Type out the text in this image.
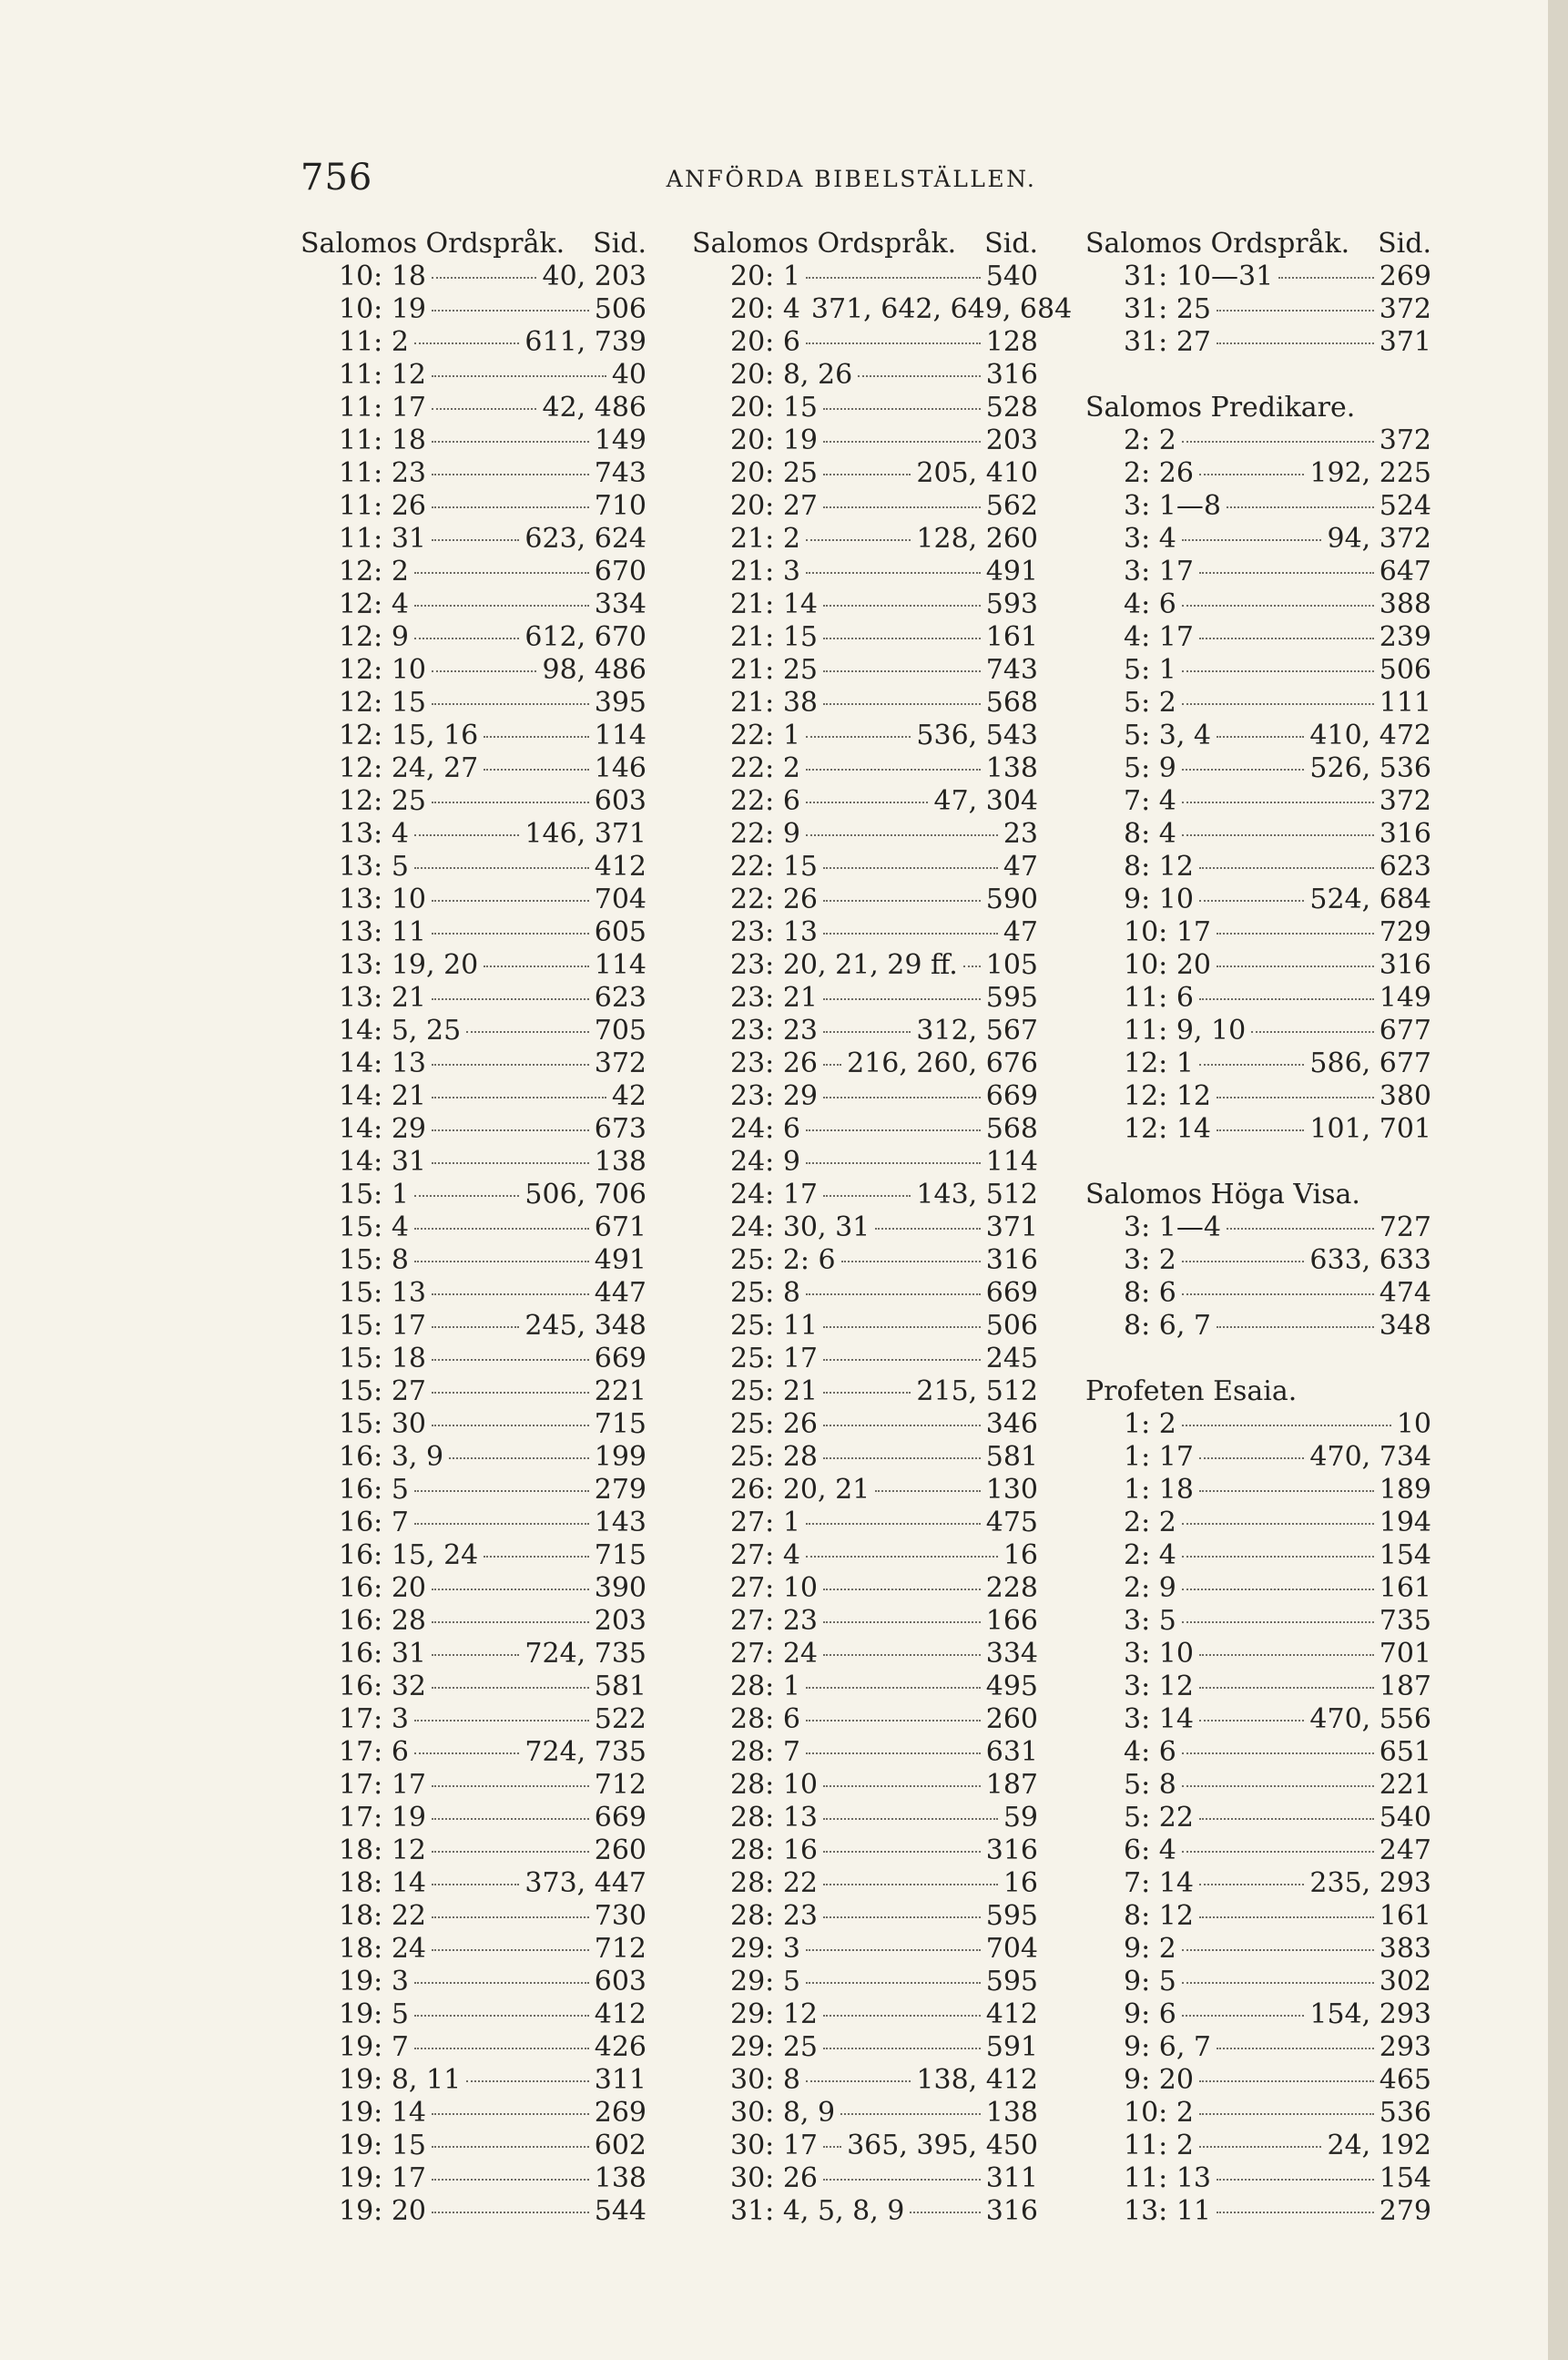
756	ANFÖRDA BIBELSTÄLLEN.
Salomos Ordspråk. Sid.
10: 18	40, 203
10: 19	506
11: 2	611, 739
11: 12	40
11: 17	42, 486
11: 18	149
11: 23	743
11: 26	710
11: 31	623, 624
12: 2	670
12: 4	334
12: 9	612, 670
12: 10	98, 486
12: 15	395
12: 15, 16	114
12: 24, 27	146
12: 25	603
13: 4	146, 371
13: 5	412
13: 10	704
13: 11	605
13: 19, 20	114
13: 21	623
14: 5, 25	705
14: 13	372
14: 21	42
14: 29	673
14: 31	138
15: 1	506, 706
15: 4	671
15: 8	491
15: 13	447
15: 17	245, 348
15: 18	669
15: 27	221
15: 30	715
16: 3, 9	199
16: 5	279
16: 7	143
16: 15, 24	715
16: 20	390
16: 28	203
16: 31	724, 735
16: 32	581
17: 3	522
17: 6	724, 735
17: 17	712
17: 19	669
18: 12	260
18: 14	373, 447
18: 22	730
18: 24	712
19: 3	603
19: 5	412
19: 7	426
19: 8, 11	311
19: 14	269
19: 15	602
19: 17	138
19: 20	544
Salomos Ordspråk. Sid.
20: 1	540
20: 4 371, 642, 649, 684
20: 6	128
20: 8, 26	316
20: 15	528
20: 19	203
20: 25	205, 410
20: 27	562
21: 2	128, 260
21: 3	491
21: 14	593
21: 15	161
21: 25	743
21: 38	568
22: 1	536, 543
22: 2	138
22: 6	47, 304
22: 9	23
22: 15	47
22: 26	590
23: 13	47
23: 20, 21, 29 ff. 105
23: 21	595
23: 23	312, 567
23: 26 216, 260, 676
23: 29	669
24: 6	568
24: 9	114
24: 17	143, 512
24: 30, 31	371
25: 2: 6	316
25: 8	669
25: 11	506
25: 17	245
25: 21	215, 512
25: 26	346
25: 28	581
26: 20, 21	130
27: 1	475
27: 4	16
27: 10	228
27: 23	166
27: 24	334
28: 1	495
28: 6	260
28: 7	631
28: 10	187
28: 13	59
28: 16	316
28: 22	16
28: 23	595
29: 3	704
29: 5	595
29: 12	412
29: 25	591
30: 8	138, 412
30: 8, 9	138
30: 17 365, 395, 450
30: 26	311
31: 4, 5, 8, 9	316
Salomos Ordspråk. Sid.
31: 10—31	269
31: 25	372
31: 27	371
Salomos Predikare.
2: 2	372
2: 26	192, 225
3: 1—8	524
3: 4	94, 372
3: 17	647
4: 6	388
4: 17	239
5: 1	506
5: 2	111
5: 3, 4	410, 472
5: 9	526, 536
7: 4	372
8: 4	316
8: 12	623
9: 10	524, 684
10: 17	729
10: 20	316
11: 6	149
11: 9, 10	677
12: 1	586, 677
12: 12	380
12: 14	101, 701
Salomos Höga Visa.
3: 1—4	727
3: 2	633, 633
8: 6	474
8: 6, 7	348
Profeten Esaia.
1: 2	10
1: 17	470, 734
1: 18	189
2: 2	194
2: 4	154
2: 9	161
3: 5	735
3: 10	701
3: 12	187
3: 14	470, 556
4: 6	651
5: 8	221
5: 22	540
6: 4	247
7: 14	235, 293
8: 12	161
9: 2	383
9: 5	302
9: 6	154, 293
9: 6, 7	293
9: 20	465
10: 2	536
11: 2	24, 192
11: 13	154
13: 11	279
